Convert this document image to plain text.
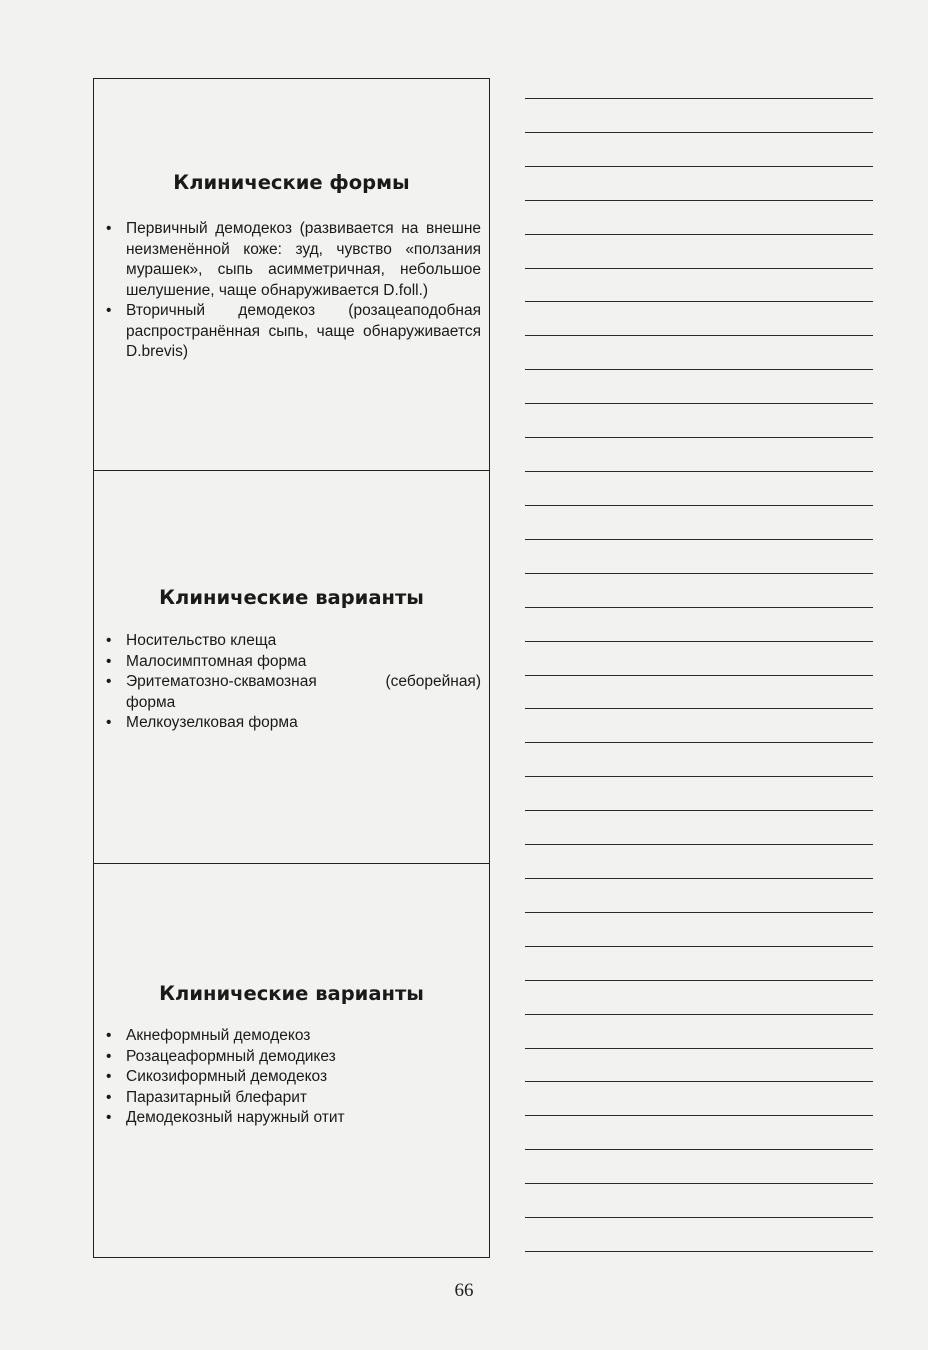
Клинические формы
• Первичный демодекоз (развивается на внешне неизменённой коже: зуд, чувство «ползания мурашек», сыпь асимметричная, небольшое шелушение, чаще обнаруживается D.foll.)
• Вторичный демодекоз (розацеаподобная распространённая сыпь, чаще обнаруживается D.brevis)
Клинические варианты
• Носительство клеща
• Малосимптомная форма
• Эритематозно-сквамозная	(себорейная)
форма
• Мелкоузелковая форма
Клинические варианты
• Акнеформный демодекоз
• Розацеаформный демодикез
• Сикозиформный демодекоз
• Паразитарный блефарит
• Демодекозный наружный отит
66
